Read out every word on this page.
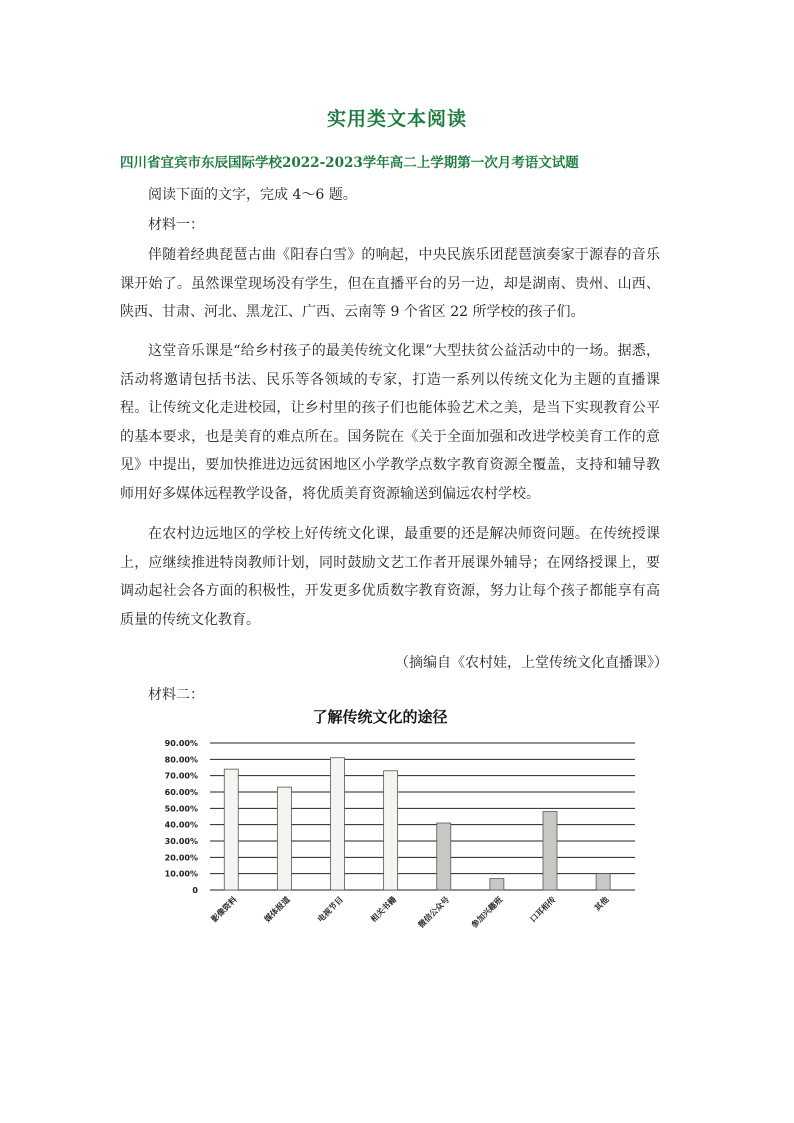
实用类文本阅读
四川省宜宾市东辰国际学校2022-2023学年高二上学期第一次月考语文试题

阅读下面的文字，完成 4～6 题。

材料一：

伴随着经典琵琶古曲《阳春白雪》的响起，中央民族乐团琵琶演奏家于源春的音乐课开始了。虽然课堂现场没有学生，但在直播平台的另一边，却是湖南、贵州、山西、陕西、甘肃、河北、黑龙江、广西、云南等 9 个省区 22 所学校的孩子们。

这堂音乐课是“给乡村孩子的最美传统文化课”大型扶贫公益活动中的一场。据悉，活动将邀请包括书法、民乐等各领域的专家，打造一系列以传统文化为主题的直播课程。让传统文化走进校园，让乡村里的孩子们也能体验艺术之美，是当下实现教育公平的基本要求，也是美育的难点所在。国务院在《关于全面加强和改进学校美育工作的意见》中提出，要加快推进边远贫困地区小学教学点数字教育资源全覆盖，支持和辅导教师用好多媒体远程教学设备，将优质美育资源输送到偏远农村学校。

在农村边远地区的学校上好传统文化课，最重要的还是解决师资问题。在传统授课上，应继续推进特岗教师计划，同时鼓励文艺工作者开展课外辅导；在网络授课上，要调动起社会各方面的积极性，开发更多优质数字教育资源，努力让每个孩子都能享有高质量的传统文化教育。

（摘编自《农村娃，上堂传统文化直播课》）

材料二：

了解传统文化的途径
90.00%
80.00%
70.00%
60.00%
50.00%
40.00%
30.00%
20.00%
10.00%
0
影像资料	媒体报道	电视节目	相关书籍 微信公众号 参加兴趣班	口耳相传	其他
